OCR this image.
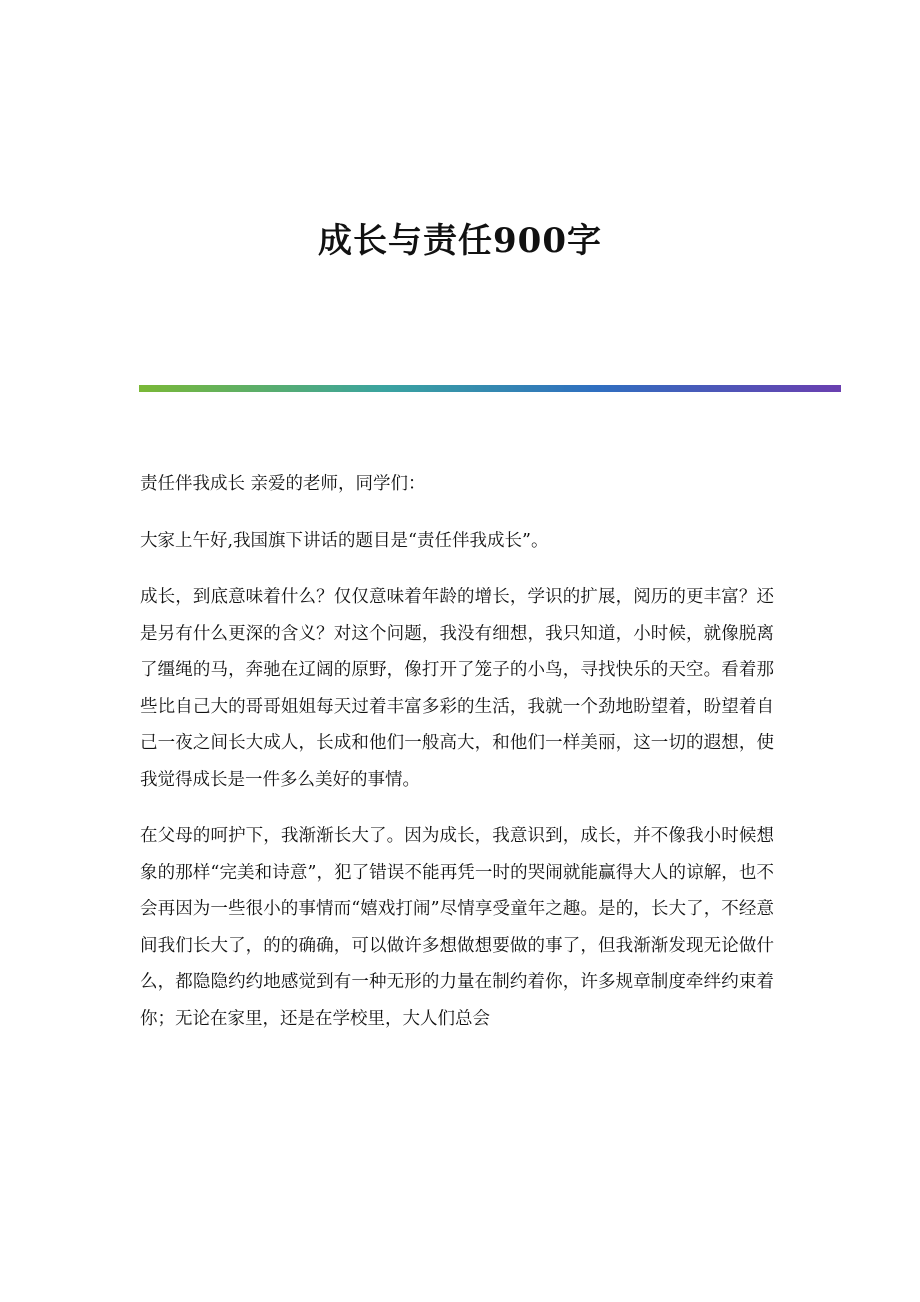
成长与责任900字

责任伴我成长 亲爱的老师，同学们：

大家上午好,我国旗下讲话的题目是“责任伴我成长”。

成长，到底意味着什么？仅仅意味着年龄的增长，学识的扩展，阅历的更丰富？还是另有什么更深的含义？对这个问题，我没有细想，我只知道，小时候，就像脱离了缰绳的马，奔驰在辽阔的原野，像打开了笼子的小鸟，寻找快乐的天空。看着那些比自己大的哥哥姐姐每天过着丰富多彩的生活，我就一个劲地盼望着，盼望着自己一夜之间长大成人，长成和他们一般高大，和他们一样美丽，这一切的遐想，使我觉得成长是一件多么美好的事情。

在父母的呵护下，我渐渐长大了。因为成长，我意识到，成长，并不像我小时候想象的那样“完美和诗意”，犯了错误不能再凭一时的哭闹就能赢得大人的谅解，也不会再因为一些很小的事情而“嬉戏打闹”尽情享受童年之趣。是的，长大了，不经意间我们长大了，的的确确，可以做许多想做想要做的事了，但我渐渐发现无论做什么，都隐隐约约地感觉到有一种无形的力量在制约着你，许多规章制度牵绊约束着你；无论在家里，还是在学校里，大人们总会
